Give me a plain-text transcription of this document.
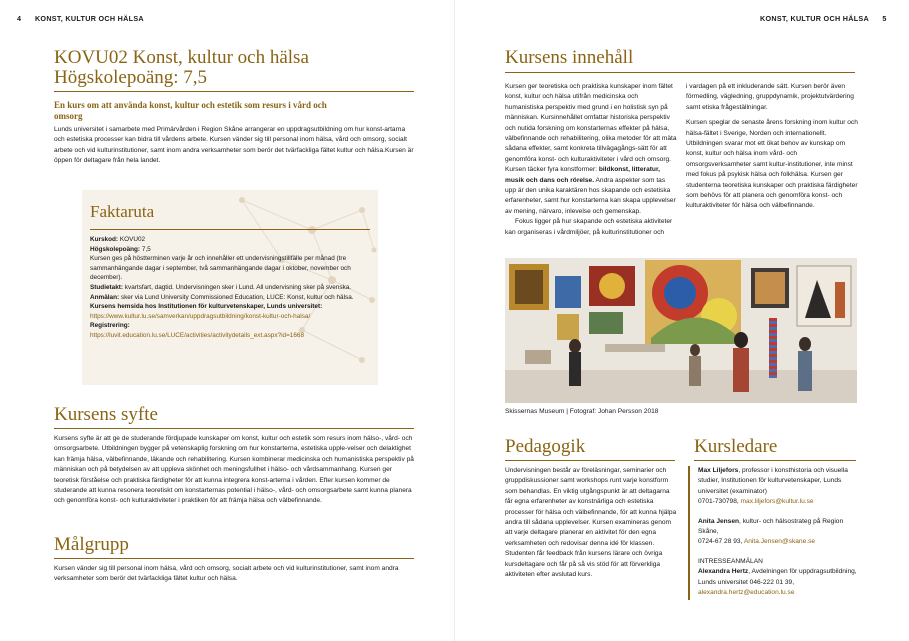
4 KONST, KULTUR OCH HÄLSA
KOVU02 Konst, kultur och hälsa
Högskolepoäng: 7,5
En kurs om att använda konst, kultur och estetik som resurs i vård och omsorg
Lunds universitet i samarbete med Primärvården i Region Skåne arrangerar en uppdragsutbildning om hur konst-artarna och estetiska processer kan bidra till vårdens arbete. Kursen vänder sig till personal inom hälsa, vård och omsorg, socialt arbete och vid kulturinstitutioner, samt inom andra verksamheter som berör det tvärfackliga fältet kultur och hälsa.Kursen är öppen för deltagare från hela landet.
Faktaruta
Kurskod: KOVU02
Högskolepoäng: 7,5
Kursen ges på höstterminen varje år och innehåller ett undervisningstillfälle per månad (tre sammanhängande dagar i september, två sammanhängande dagar i oktober, november och december).
Studietakt: kvartsfart, dagtid. Undervisningen sker i Lund. All undervisning sker på svenska.
Anmälan: sker via Lund University Commissioned Education, LUCE: Konst, kultur och hälsa.
Kursens hemsida hos Institutionen för kulturvetenskaper, Lunds universitet:
https://www.kultur.lu.se/samverkan/uppdragsutbildning/konst-kultur-och-halsa/
Registrering:
https://luvit.education.lu.se/LUCE/activities/activitydetails_ext.aspx?id=1668
Kursens syfte
Kursens syfte är att ge de studerande fördjupade kunskaper om konst, kultur och estetik som resurs inom hälso-, vård- och omsorgsarbete. Utbildningen bygger på vetenskaplig forskning om hur konstarterna, estetiska upple-velser och delaktighet kan främja hälsa, välbefinnande, läkande och rehabilitering. Kursen kombinerar medicinska och humanistiska perspektiv på människan och på betydelsen av att uppleva skönhet och meningsfullhet i hälso- och vårdsammanhang. Kursen ger teoretisk förståelse och praktiska färdigheter för att kunna integrera konst-arterna i vården. Efter kursen kommer de studerande att kunna resonera teoretiskt om konstarternas potential i hälso-, vård- och omsorgsarbete samt kunna planera och genomföra konst- och kulturaktiviteter i praktiken för att främja hälsa och välbefinnande.
Målgrupp
Kursen vänder sig till personal inom hälsa, vård och omsorg, socialt arbete och vid kulturinstitutioner, samt inom andra verksamheter som berör det tvärfackliga fältet kultur och hälsa.
KONST, KULTUR OCH HÄLSA 5
Kursens innehåll
Kursen ger teoretiska och praktiska kunskaper inom fältet konst, kultur och hälsa utifrån medicinska och humanistiska perspektiv med grund i en holistisk syn på människan. Kursinnehållet omfattar historiska perspektiv och nutida forskning om konstarternas effekter på hälsa, välbefinnande och rehabilitering, olika metoder för att mäta sådana effekter, samt konkreta tillvägagångs-sätt för att genomföra konst- och kulturaktiviteter i vård och omsorg. Kursen täcker fyra konstformer: bildkonst, litteratur, musik och dans och rörelse. Andra aspekter som tas upp är den unika karaktären hos skapande och estetiska erfarenheter, samt hur konstarterna kan skapa upplevelser av mening, närvaro, inlevelse och gemenskap.
Fokus ligger på hur skapande och estetiska aktiviteter kan organiseras i vårdmiljöer, på kulturinstitutioner och
i vardagen på ett inkluderande sätt. Kursen berör även förmedling, vägledning, gruppdynamik, projektutvärdering samt etiska frågeställningar.
Kursen speglar de senaste årens forskning inom kultur och hälsa-fältet i Sverige, Norden och internationellt. Utbildningen svarar mot ett ökat behov av kunskap om konst, kultur och hälsa inom vård- och omsorgsverksamheter samt kultur-institutioner, inte minst med fokus på psykisk hälsa och folkhälsa. Kursen ger studenterna teoretiska kunskaper och praktiska färdigheter som behövs för att planera och genomföra konst- och kulturaktiviteter för hälsa och välbefinnande.
Skissernas Museum | Fotograf: Johan Persson 2018
Pedagogik
Undervisningen består av föreläsningar, seminarier och gruppdiskussioner samt workshops runt varje konstform som behandlas. En viktig utgångspunkt är att deltagarna får egna erfarenheter av konstnärliga och estetiska processer för hälsa och välbefinnande, för att kunna hjälpa andra till sådana upplevelser. Kursen examineras genom att varje deltagare planerar en aktivitet för den egna verksamheten och redovisar denna idé för klassen. Studenten får feedback från kursens lärare och övriga kursdeltagare och får på så vis stöd för att förverkliga aktiviteten efter avslutad kurs.
Kursledare
Max Liljefors, professor i konsthistoria och visuella studier, Institutionen för kulturvetenskaper, Lunds universitet (examinator)
0701-730798, max.liljefors@kultur.lu.se
Anita Jensen, kultur- och hälsostrateg på Region Skåne,
0724-67 28 93, Anita.Jensen@skane.se
INTRESSEANMÄLAN
Alexandra Hertz, Avdelningen för uppdragsutbildning, Lunds universitet 046-222 01 39,
alexandra.hertz@education.lu.se
